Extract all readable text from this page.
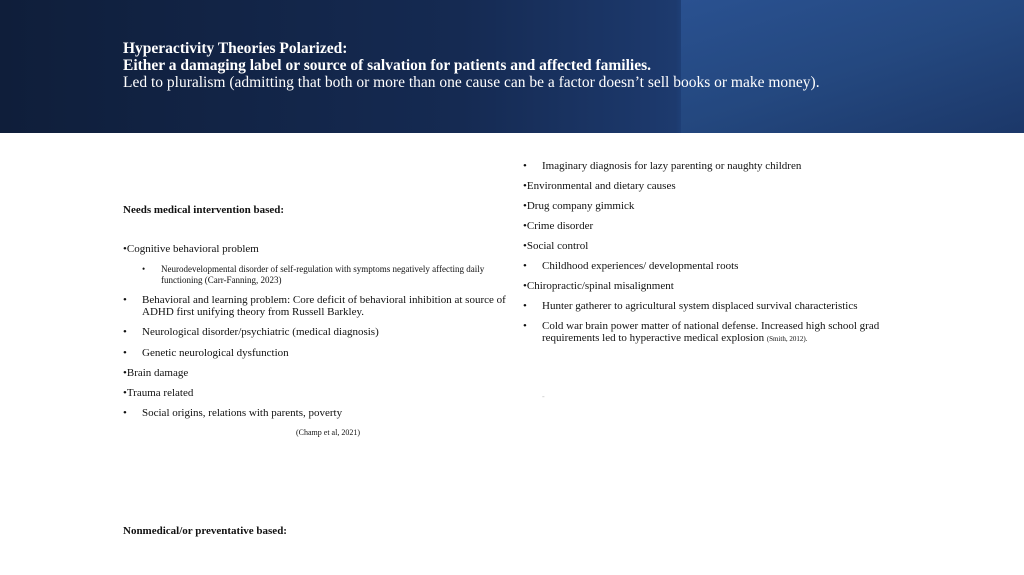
Hyperactivity Theories Polarized:
Either a damaging label or source of salvation for patients and affected families.
Led to pluralism (admitting that both or more than one cause can be a factor doesn’t sell books or make money).
Needs medical intervention based:
•Cognitive behavioral problem
• Neurodevelopmental disorder of self-regulation with symptoms negatively affecting daily functioning (Carr-Fanning, 2023)
• Behavioral and learning problem: Core deficit of behavioral inhibition at source of ADHD first unifying theory from Russell Barkley.
• Neurological disorder/psychiatric (medical diagnosis)
• Genetic neurological dysfunction
•Brain damage
•Trauma related
• Social origins, relations with parents, poverty
(Champ et al, 2021)
Nonmedical/or preventative based:
• Imaginary diagnosis for lazy parenting or naughty children
•Environmental and dietary causes
•Drug company gimmick
•Crime disorder
•Social control
• Childhood experiences/ developmental roots
•Chiropractic/spinal misalignment
• Hunter gatherer to agricultural system displaced survival characteristics
• Cold war brain power matter of national defense. Increased high school grad requirements led to hyperactive medical explosion (Smith, 2012).
-
